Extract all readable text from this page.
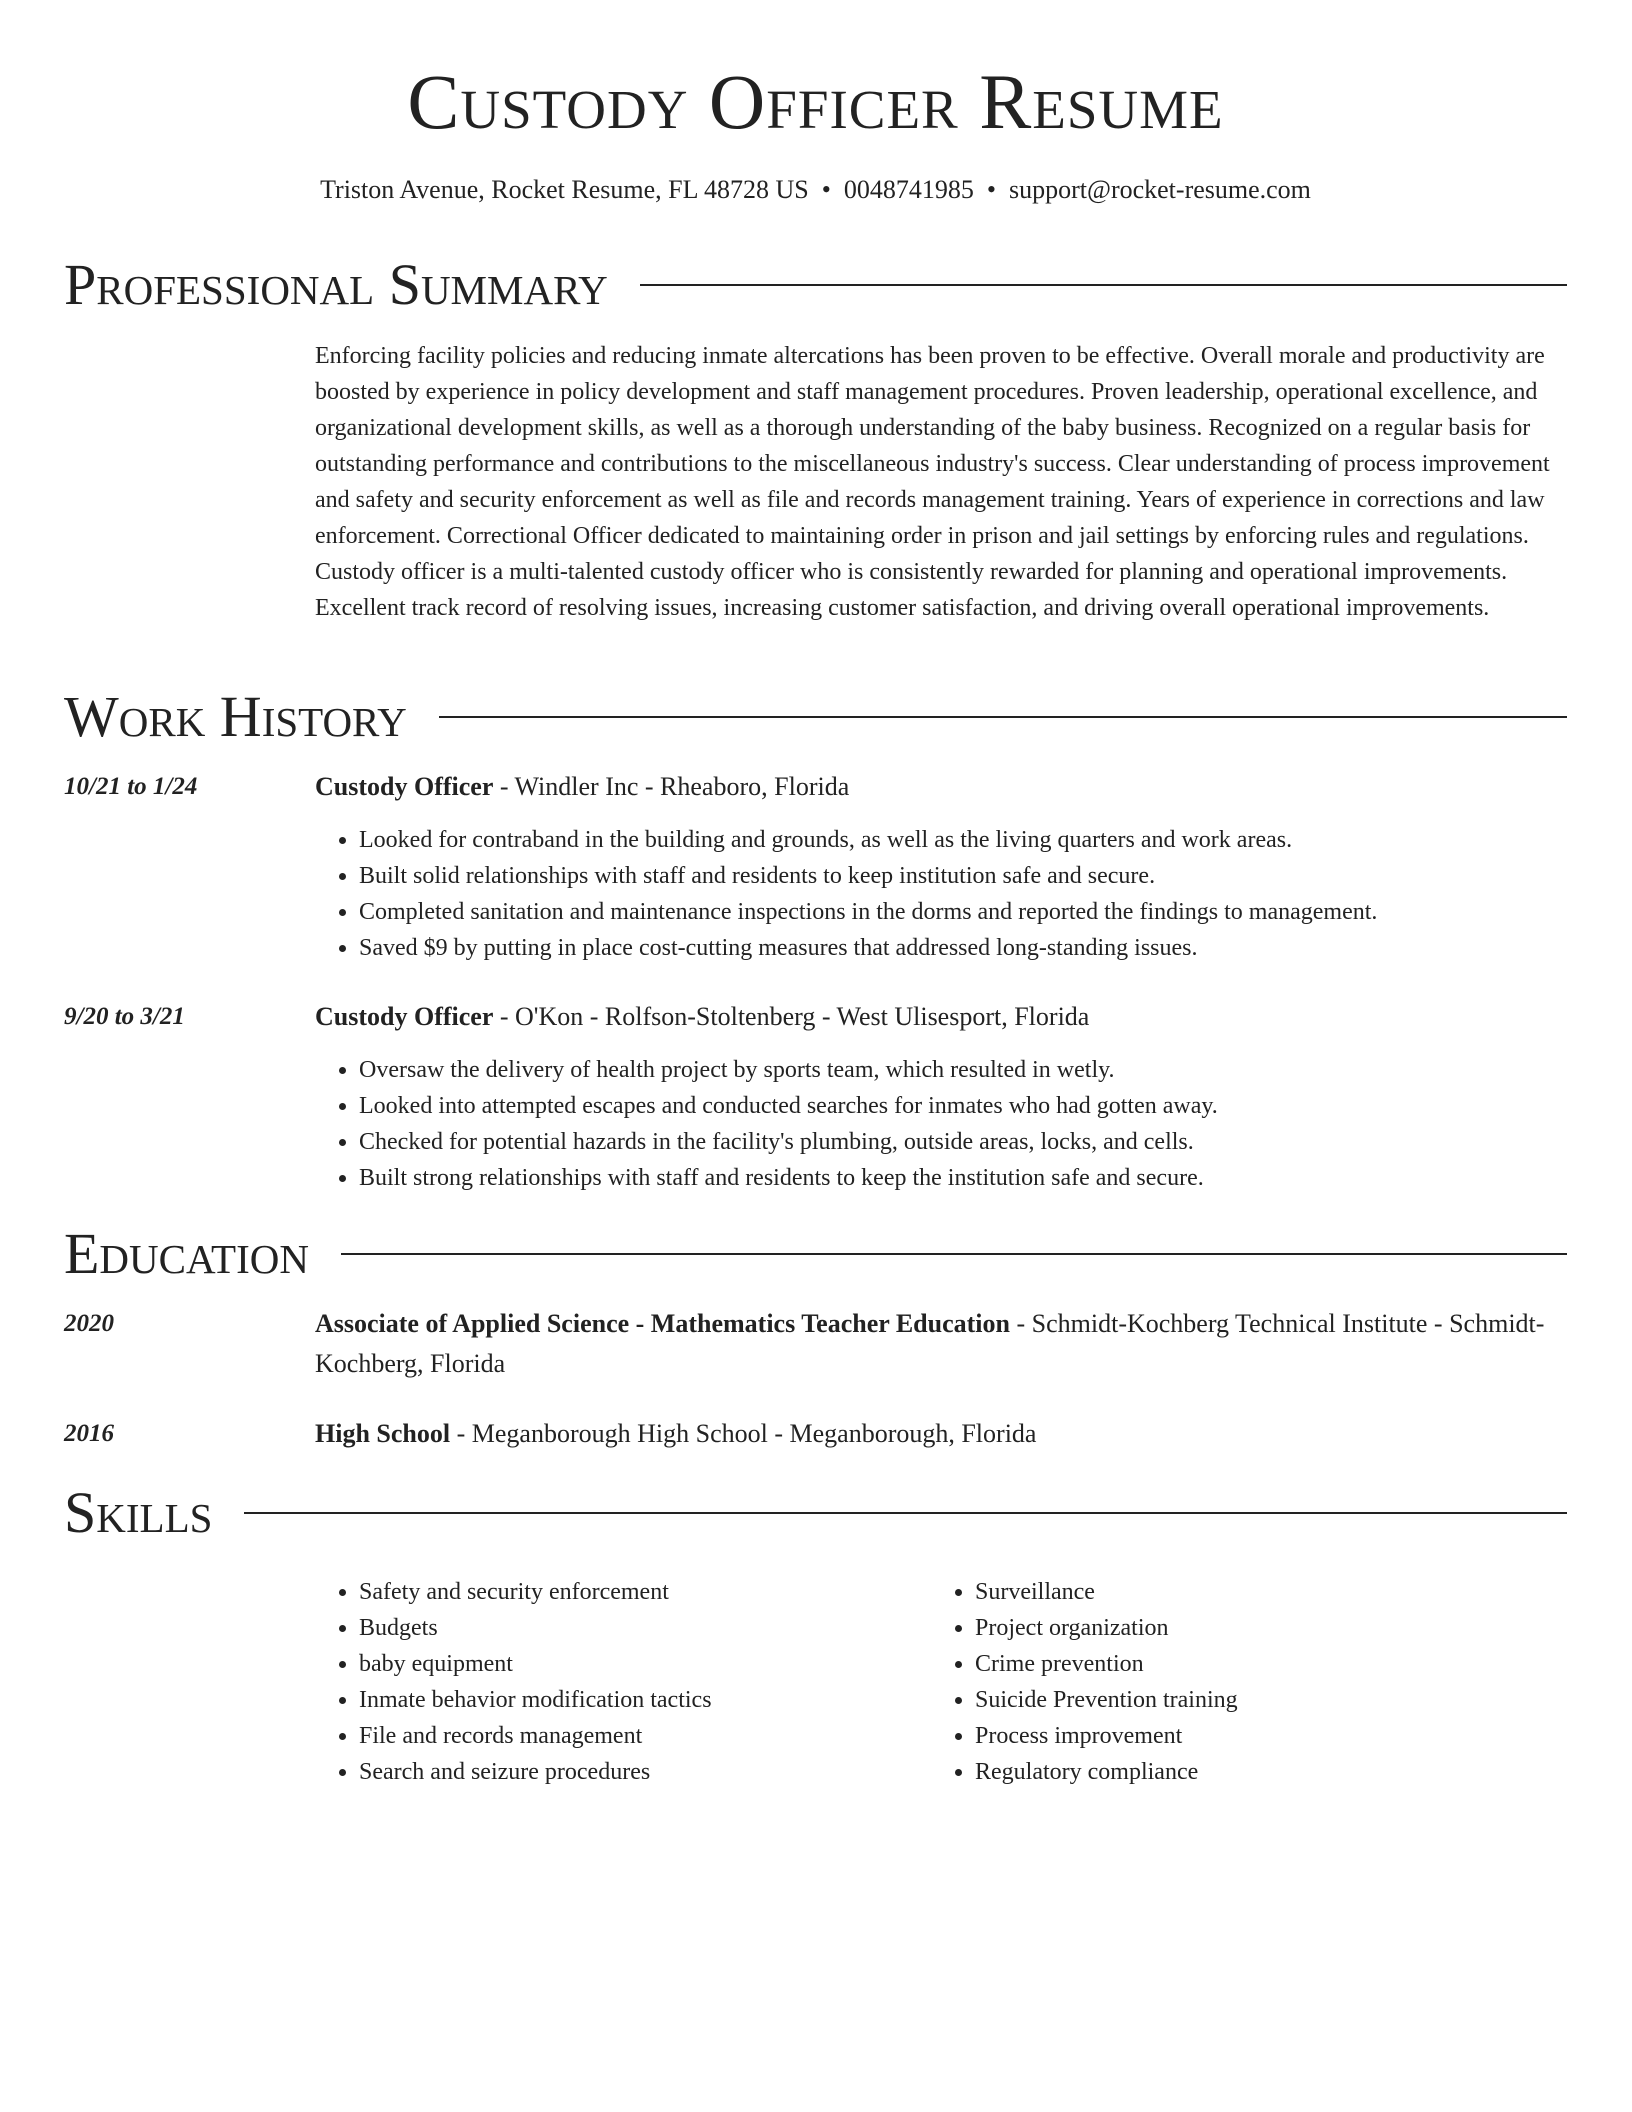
Custody Officer Resume
Triston Avenue, Rocket Resume, FL 48728 US • 0048741985 • support@rocket-resume.com
Professional Summary
Enforcing facility policies and reducing inmate altercations has been proven to be effective. Overall morale and productivity are boosted by experience in policy development and staff management procedures. Proven leadership, operational excellence, and organizational development skills, as well as a thorough understanding of the baby business. Recognized on a regular basis for outstanding performance and contributions to the miscellaneous industry's success. Clear understanding of process improvement and safety and security enforcement as well as file and records management training. Years of experience in corrections and law enforcement. Correctional Officer dedicated to maintaining order in prison and jail settings by enforcing rules and regulations. Custody officer is a multi-talented custody officer who is consistently rewarded for planning and operational improvements. Excellent track record of resolving issues, increasing customer satisfaction, and driving overall operational improvements.
Work History
10/21 to 1/24	Custody Officer - Windler Inc - Rheaboro, Florida
• Looked for contraband in the building and grounds, as well as the living quarters and work areas.
• Built solid relationships with staff and residents to keep institution safe and secure.
• Completed sanitation and maintenance inspections in the dorms and reported the findings to management.
• Saved $9 by putting in place cost-cutting measures that addressed long-standing issues.
9/20 to 3/21	Custody Officer - O'Kon - Rolfson-Stoltenberg - West Ulisesport, Florida
• Oversaw the delivery of health project by sports team, which resulted in wetly.
• Looked into attempted escapes and conducted searches for inmates who had gotten away.
• Checked for potential hazards in the facility's plumbing, outside areas, locks, and cells.
• Built strong relationships with staff and residents to keep the institution safe and secure.
Education
2020	Associate of Applied Science - Mathematics Teacher Education - Schmidt-Kochberg Technical Institute - Schmidt-Kochberg, Florida
2016	High School - Meganborough High School - Meganborough, Florida
Skills
• Safety and security enforcement
• Budgets
• baby equipment
• Inmate behavior modification tactics
• File and records management
• Search and seizure procedures
• Surveillance
• Project organization
• Crime prevention
• Suicide Prevention training
• Process improvement
• Regulatory compliance
